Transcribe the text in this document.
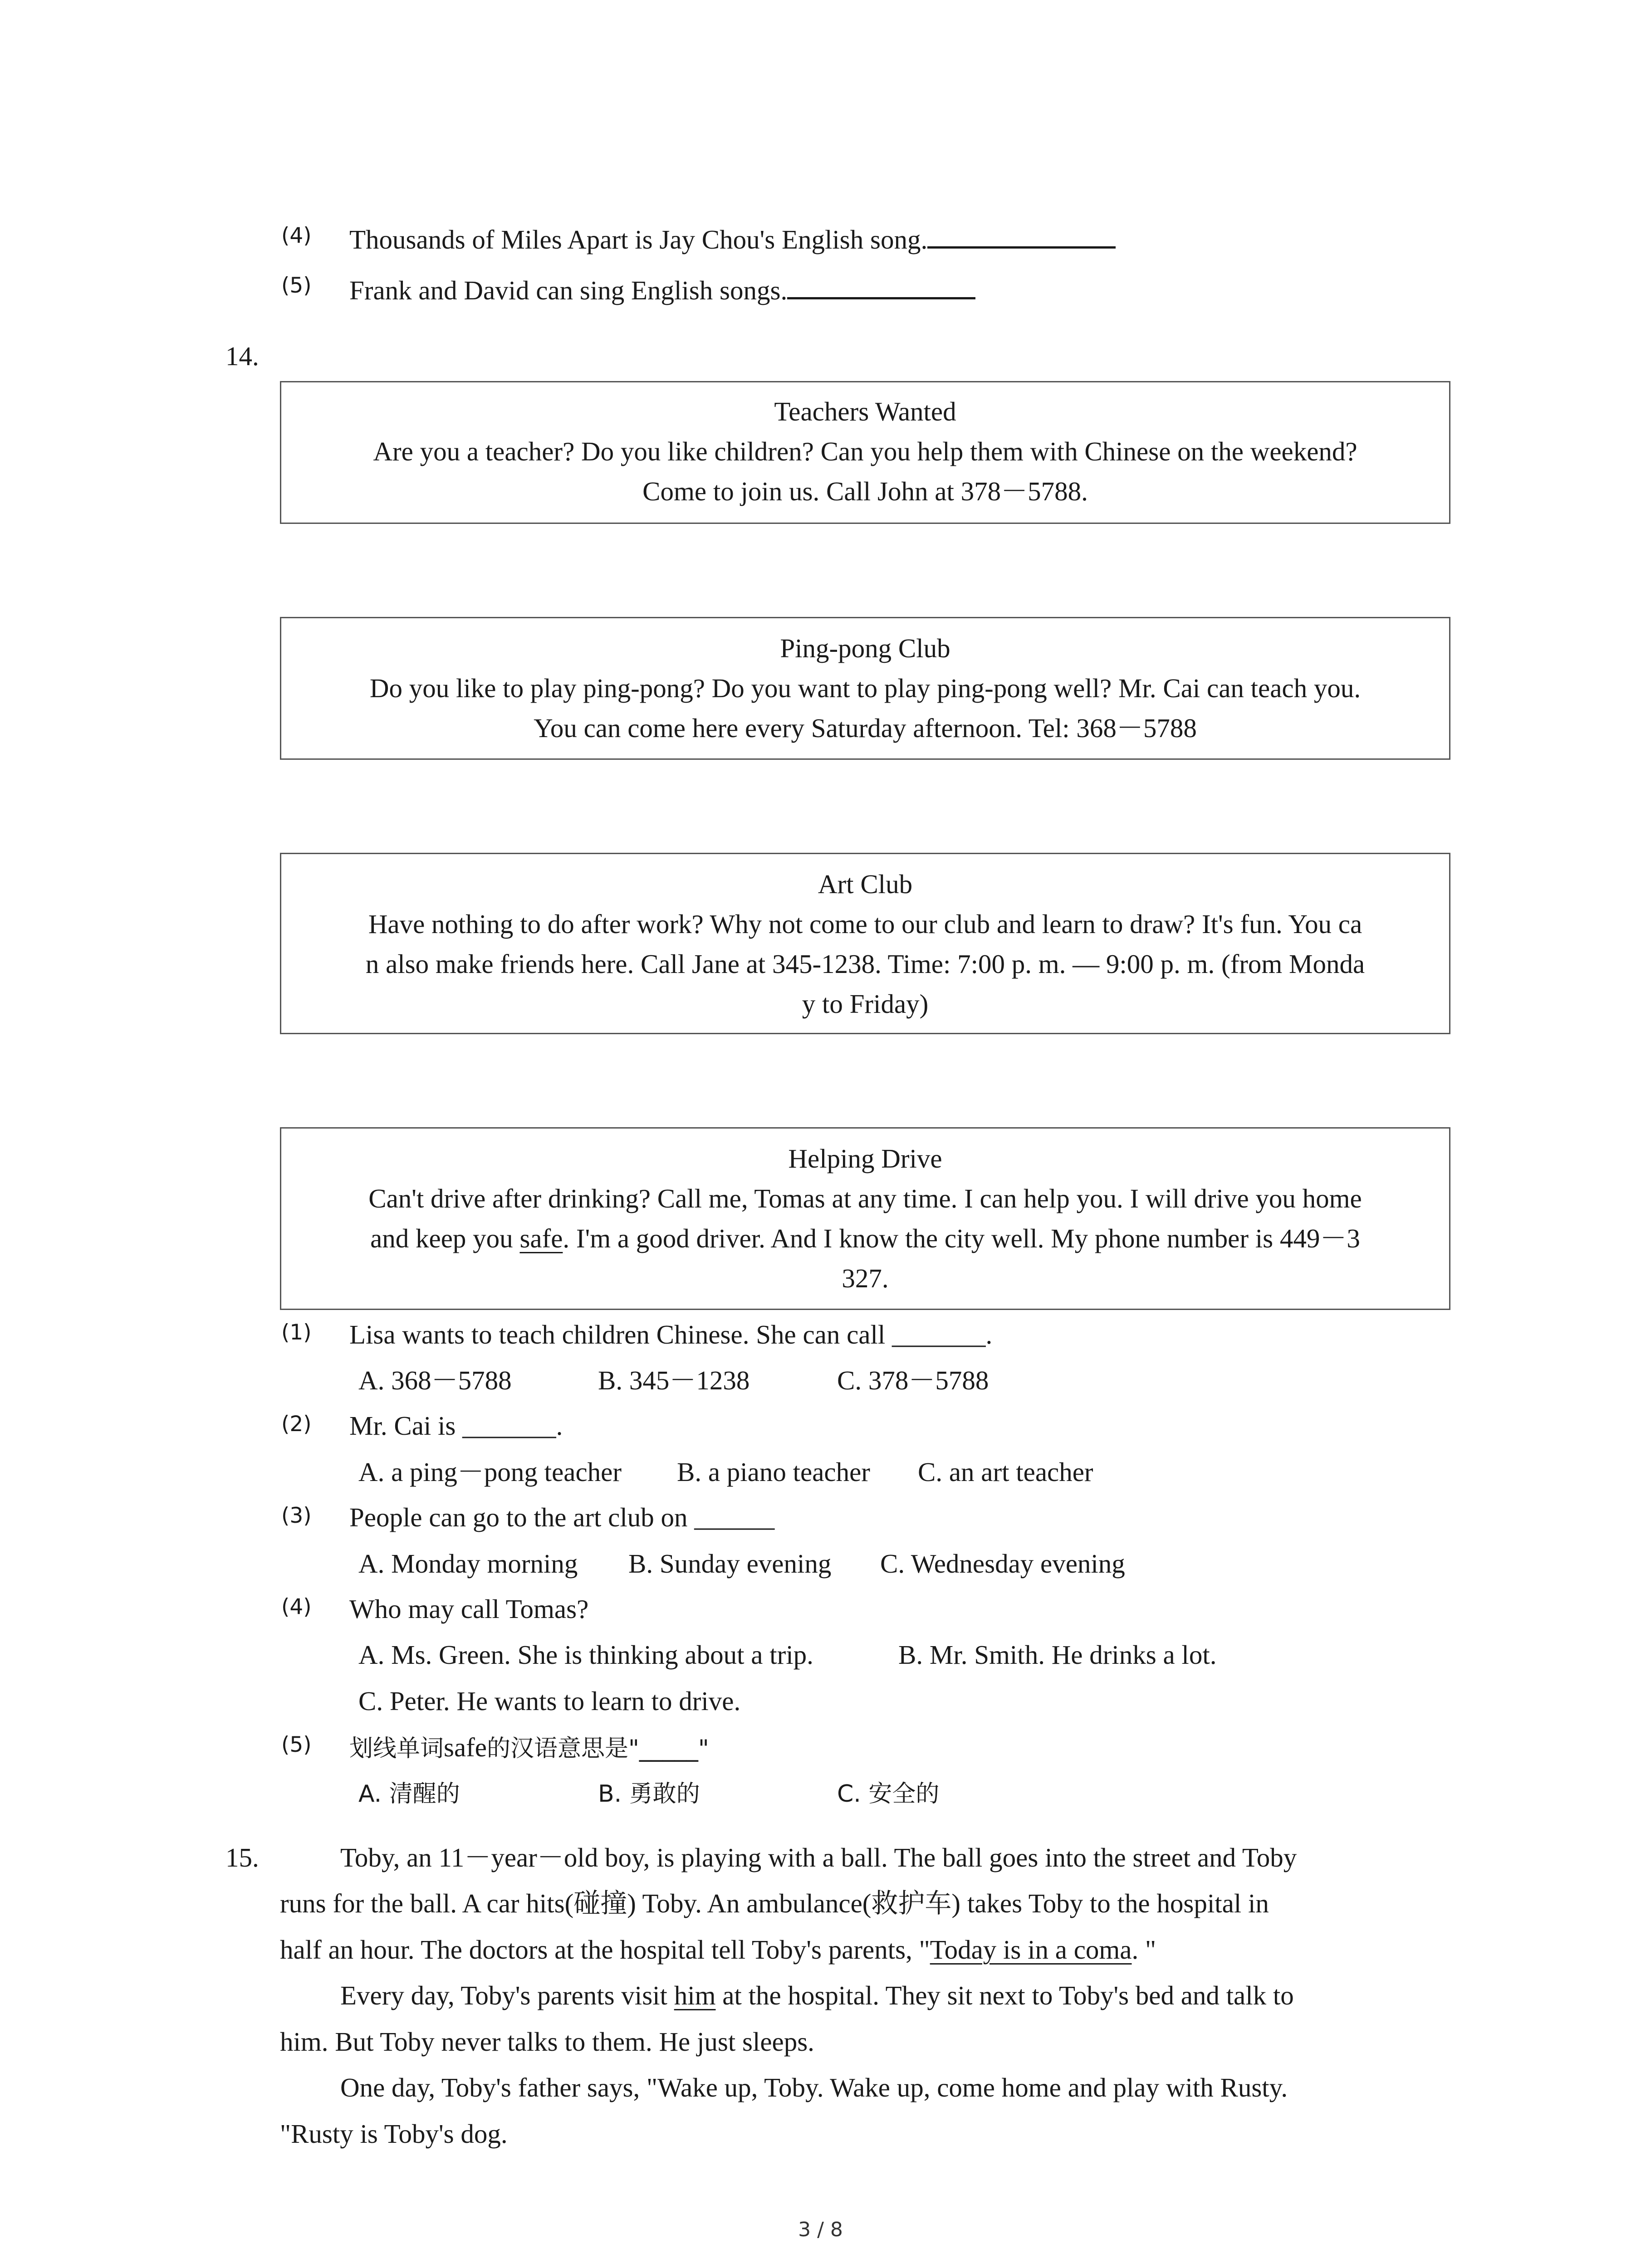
(4) Thousands of Miles Apart is Jay Chou's English song.
(5) Frank and David can sing English songs.
14.
Teachers Wanted
Are you a teacher? Do you like children? Can you help them with Chinese on the weekend?
Come to join us. Call John at 378－5788.
Ping-pong Club
Do you like to play ping-pong? Do you want to play ping-pong well? Mr. Cai can teach you.
You can come here every Saturday afternoon. Tel: 368－5788
Art Club
Have nothing to do after work? Why not come to our club and learn to draw? It's fun. You ca
n also make friends here. Call Jane at 345-1238. Time: 7:00 p. m. — 9:00 p. m. (from Monda
y to Friday)
Helping Drive
Can't drive after drinking? Call me, Tomas at any time. I can help you. I will drive you home
and keep you safe. I'm a good driver. And I know the city well. My phone number is 449－3
327.
(1) Lisa wants to teach children Chinese. She can call _______.
A. 368－5788	B. 345－1238	C. 378－5788
(2) Mr. Cai is _______.
A. a ping－pong teacher B. a piano teacher C. an art teacher
(3) People can go to the art club on ______
A. Monday morning B. Sunday evening C. Wednesday evening
(4) Who may call Tomas?
A. Ms. Green. She is thinking about a trip.	B. Mr. Smith. He drinks a lot.
C. Peter. He wants to learn to drive.
(5) 划线单词safe的汉语意思是"_____"
A. 清醒的	B. 勇敢的	C. 安全的
15.	Toby, an 11－year－old boy, is playing with a ball. The ball goes into the street and Toby
runs for the ball. A car hits(碰撞) Toby. An ambulance(救护车) takes Toby to the hospital in
half an hour. The doctors at the hospital tell Toby's parents, "Today is in a coma. "
Every day, Toby's parents visit him at the hospital. They sit next to Toby's bed and talk to
him. But Toby never talks to them. He just sleeps.
One day, Toby's father says, "Wake up, Toby. Wake up, come home and play with Rusty.
"Rusty is Toby's dog.
3 / 8
